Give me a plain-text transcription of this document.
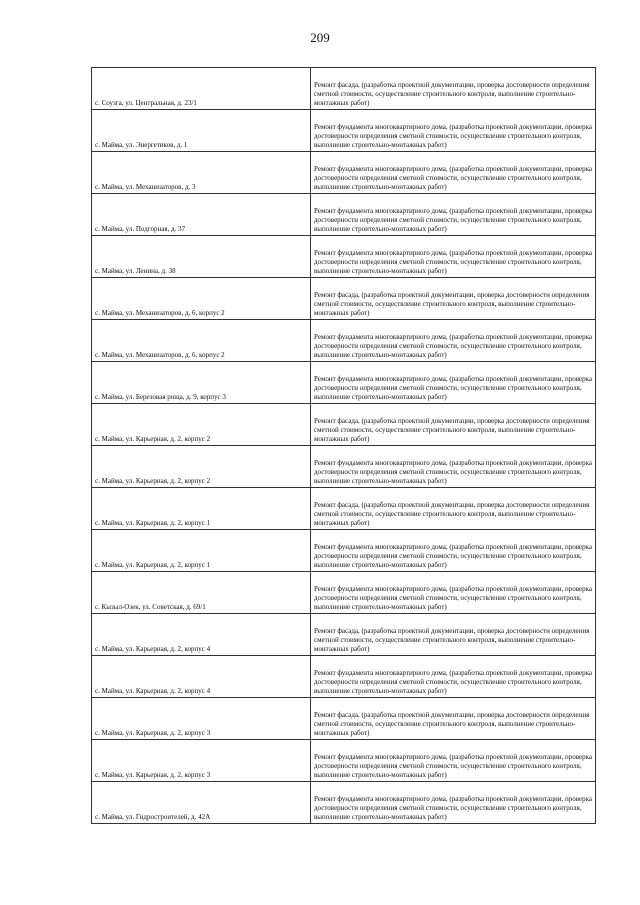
209
с. Соузга, ул. Центральная, д. 23/1	Ремонт фасада, (разработка проектной документации, проверка достоверности определения сметной стоимости, осуществление строительного контроля, выполнение строительно-монтажных работ)
с. Майма, ул. Энергетиков, д. 1	Ремонт фундамента многоквартирного дома, (разработка проектной документации, проверка достоверности определения сметной стоимости, осуществление строительного контроля, выполнение строительно-монтажных работ)
с. Майма, ул. Механизаторов, д. 3	Ремонт фундамента многоквартирного дома, (разработка проектной документации, проверка достоверности определения сметной стоимости, осуществление строительного контроля, выполнение строительно-монтажных работ)
с. Майма, ул. Подгорная, д. 37	Ремонт фундамента многоквартирного дома, (разработка проектной документации, проверка достоверности определения сметной стоимости, осуществление строительного контроля, выполнение строительно-монтажных работ)
с. Майма, ул. Ленина, д. 38	Ремонт фундамента многоквартирного дома, (разработка проектной документации, проверка достоверности определения сметной стоимости, осуществление строительного контроля, выполнение строительно-монтажных работ)
с. Майма, ул. Механизаторов, д. 6, корпус 2	Ремонт фасада, (разработка проектной документации, проверка достоверности определения сметной стоимости, осуществление строительного контроля, выполнение строительно-монтажных работ)
с. Майма, ул. Механизаторов, д. 6, корпус 2	Ремонт фундамента многоквартирного дома, (разработка проектной документации, проверка достоверности определения сметной стоимости, осуществление строительного контроля, выполнение строительно-монтажных работ)
с. Майма, ул. Березовая роща, д. 9, корпус 3	Ремонт фундамента многоквартирного дома, (разработка проектной документации, проверка достоверности определения сметной стоимости, осуществление строительного контроля, выполнение строительно-монтажных работ)
с. Майма, ул. Карьерная, д. 2, корпус 2	Ремонт фасада, (разработка проектной документации, проверка достоверности определения сметной стоимости, осуществление строительного контроля, выполнение строительно-монтажных работ)
с. Майма, ул. Карьерная, д. 2, корпус 2	Ремонт фундамента многоквартирного дома, (разработка проектной документации, проверка достоверности определения сметной стоимости, осуществление строительного контроля, выполнение строительно-монтажных работ)
с. Майма, ул. Карьерная, д. 2, корпус 1	Ремонт фасада, (разработка проектной документации, проверка достоверности определения сметной стоимости, осуществление строительного контроля, выполнение строительно-монтажных работ)
с. Майма, ул. Карьерная, д. 2, корпус 1	Ремонт фундамента многоквартирного дома, (разработка проектной документации, проверка достоверности определения сметной стоимости, осуществление строительного контроля, выполнение строительно-монтажных работ)
с. Кызыл-Озек, ул. Советская, д. 69/1	Ремонт фундамента многоквартирного дома, (разработка проектной документации, проверка достоверности определения сметной стоимости, осуществление строительного контроля, выполнение строительно-монтажных работ)
с. Майма, ул. Карьерная, д. 2, корпус 4	Ремонт фасада, (разработка проектной документации, проверка достоверности определения сметной стоимости, осуществление строительного контроля, выполнение строительно-монтажных работ)
с. Майма, ул. Карьерная, д. 2, корпус 4	Ремонт фундамента многоквартирного дома, (разработка проектной документации, проверка достоверности определения сметной стоимости, осуществление строительного контроля, выполнение строительно-монтажных работ)
с. Майма, ул. Карьерная, д. 2, корпус 3	Ремонт фасада, (разработка проектной документации, проверка достоверности определения сметной стоимости, осуществление строительного контроля, выполнение строительно-монтажных работ)
с. Майма, ул. Карьерная, д. 2, корпус 3	Ремонт фундамента многоквартирного дома, (разработка проектной документации, проверка достоверности определения сметной стоимости, осуществление строительного контроля, выполнение строительно-монтажных работ)
с. Майма, ул. Гидростроителей, д. 42А	Ремонт фундамента многоквартирного дома, (разработка проектной документации, проверка достоверности определения сметной стоимости, осуществление строительного контроля, выполнение строительно-монтажных работ)
